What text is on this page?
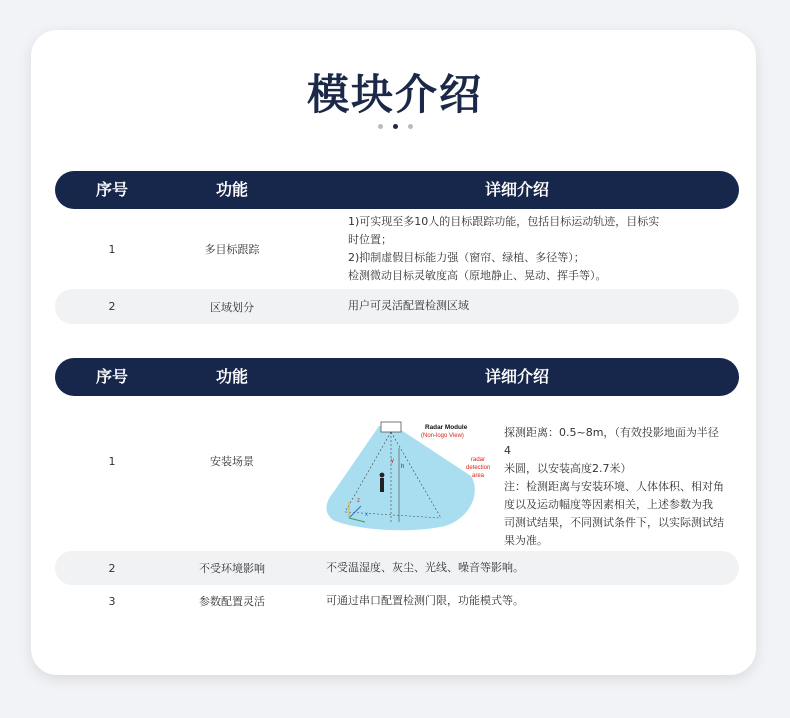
模块介绍
序号	功能	详细介绍
1	多目标跟踪
1)可实现至多10人的目标跟踪功能，包括目标运动轨迹，目标实
时位置；
2)抑制虚假目标能力强（窗帘、绿植、多径等）；
检测微动目标灵敏度高（原地静止、晃动、挥手等）。
2	区域划分	用户可灵活配置检测区域
序号	功能	详细介绍
1	安装场景	y
x
z
h
Radar Module
(Non-logo View)
radar
detection
area
探测距离：0.5~8m，（有效投影地面为半径4
米圆，以安装高度2.7米）
注：检测距离与安装环境、人体体积、相对角
度以及运动幅度等因素相关，上述参数为我
司测试结果，不同测试条件下，以实际测试结
果为准。
2	不受环境影响	不受温湿度、灰尘、光线、噪音等影响。
3	参数配置灵活	可通过串口配置检测门限，功能模式等。
